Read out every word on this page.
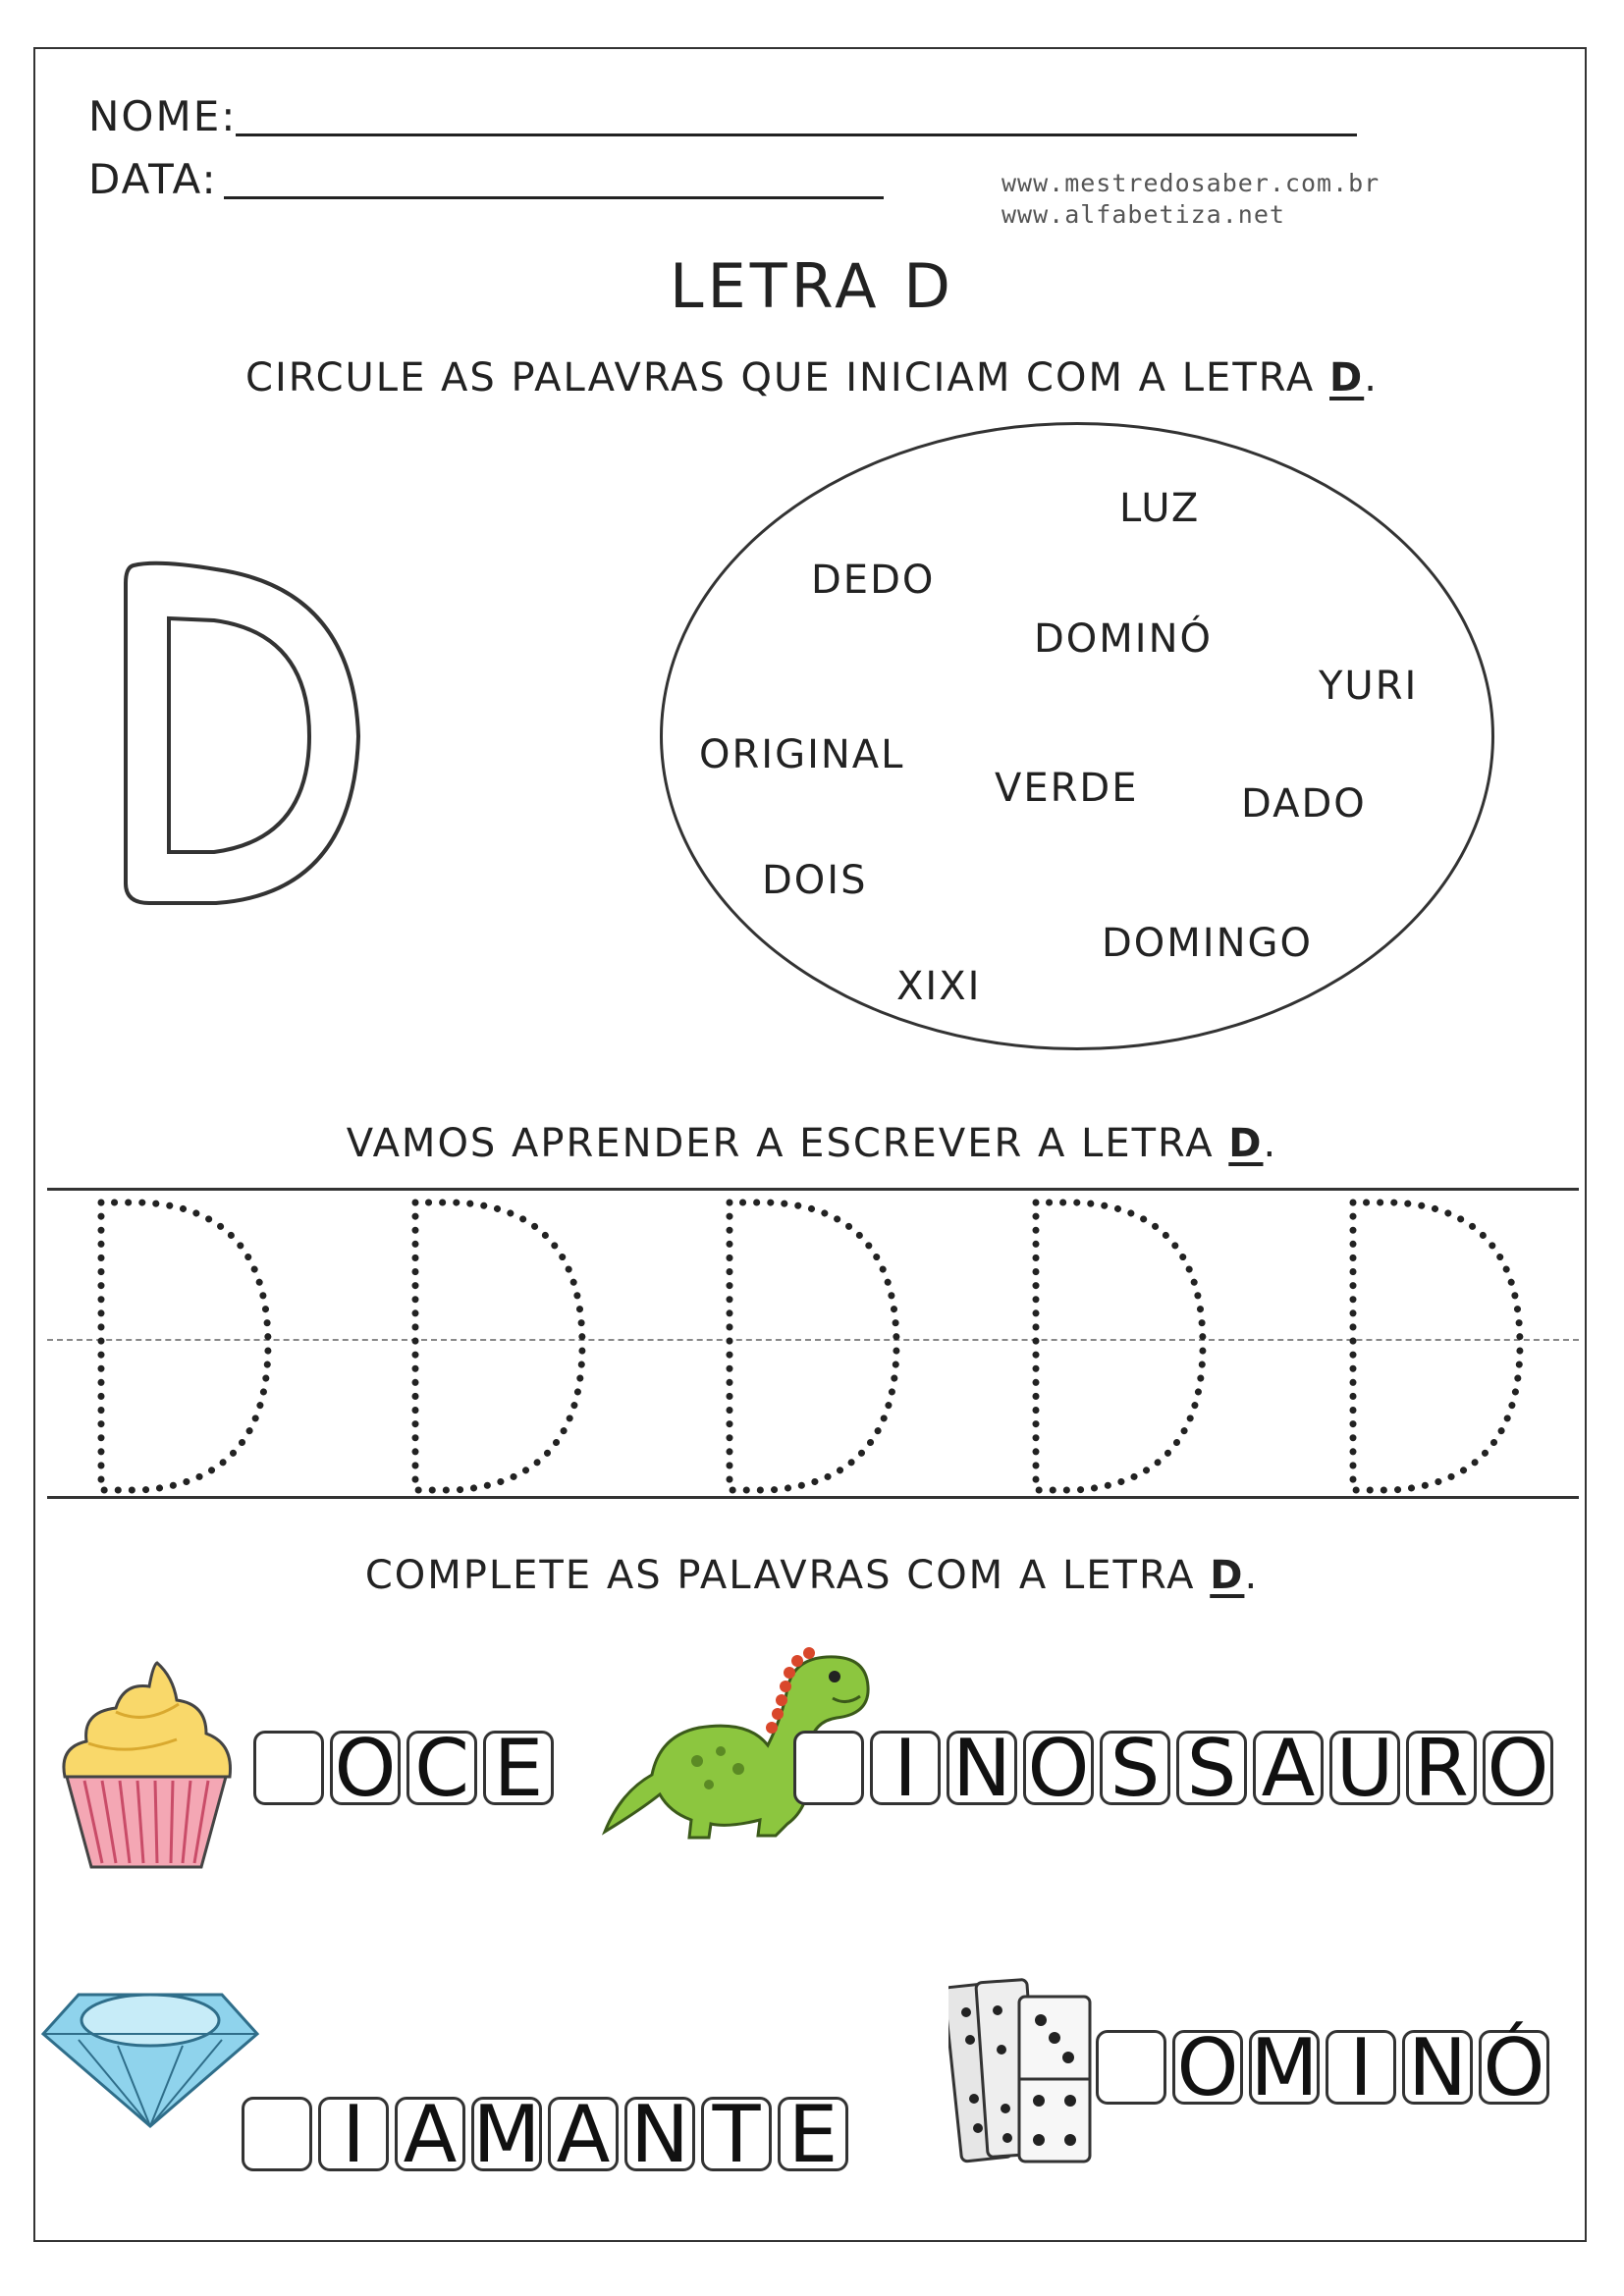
NOME:
DATA:	www.mestredosaber.com.br
www.alfabetiza.net
LETRA D
CIRCULE AS PALAVRAS QUE INICIAM COM A LETRA D.
LUZ
DEDO
DOMINÓ
YURI
ORIGINAL
VERDE	DADO
DOIS
DOMINGO
XIXI
VAMOS APRENDER A ESCREVER A LETRA D.
COMPLETE AS PALAVRAS COM A LETRA D.
O C E	I N O S S A U R O
I A M A N T E
O M I N Ó
